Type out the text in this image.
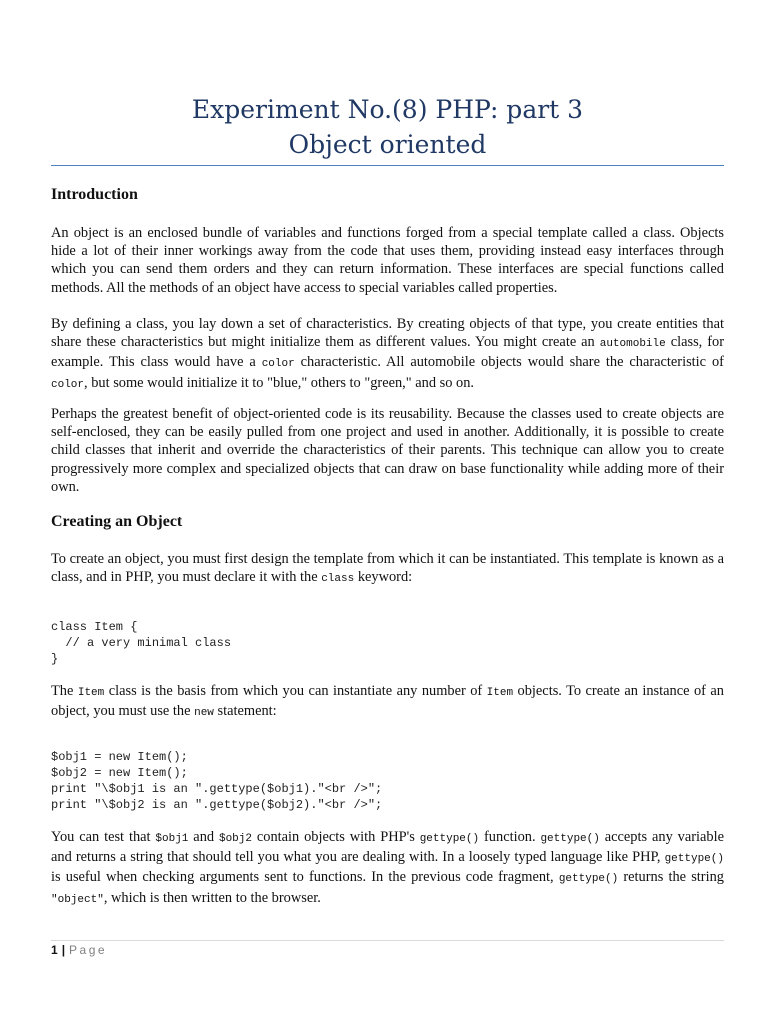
Experiment No.(8) PHP: part 3
Object oriented
Introduction

An object is an enclosed bundle of variables and functions forged from a special template called a class. Objects hide a lot of their inner workings away from the code that uses them, providing instead easy interfaces through which you can send them orders and they can return information. These interfaces are special functions called methods. All the methods of an object have access to special variables called properties.

By defining a class, you lay down a set of characteristics. By creating objects of that type, you create entities that share these characteristics but might initialize them as different values. You might create an automobile class, for example. This class would have a color characteristic. All automobile objects would share the characteristic of color, but some would initialize it to "blue," others to "green," and so on.

Perhaps the greatest benefit of object-oriented code is its reusability. Because the classes used to create objects are self-enclosed, they can be easily pulled from one project and used in another. Additionally, it is possible to create child classes that inherit and override the characteristics of their parents. This technique can allow you to create progressively more complex and specialized objects that can draw on base functionality while adding more of their own.

Creating an Object

To create an object, you must first design the template from which it can be instantiated. This template is known as a class, and in PHP, you must declare it with the class keyword:

class Item {
// a very minimal class
}

The Item class is the basis from which you can instantiate any number of Item objects. To create an instance of an object, you must use the new statement:

$obj1 = new Item();
$obj2 = new Item();
print "\$obj1 is an ".gettype($obj1)."<br />";
print "\$obj2 is an ".gettype($obj2)."<br />";

You can test that $obj1 and $obj2 contain objects with PHP's gettype() function. gettype() accepts any variable and returns a string that should tell you what you are dealing with. In a loosely typed language like PHP, gettype() is useful when checking arguments sent to functions. In the previous code fragment, gettype() returns the string "object", which is then written to the browser.

1 | Page
